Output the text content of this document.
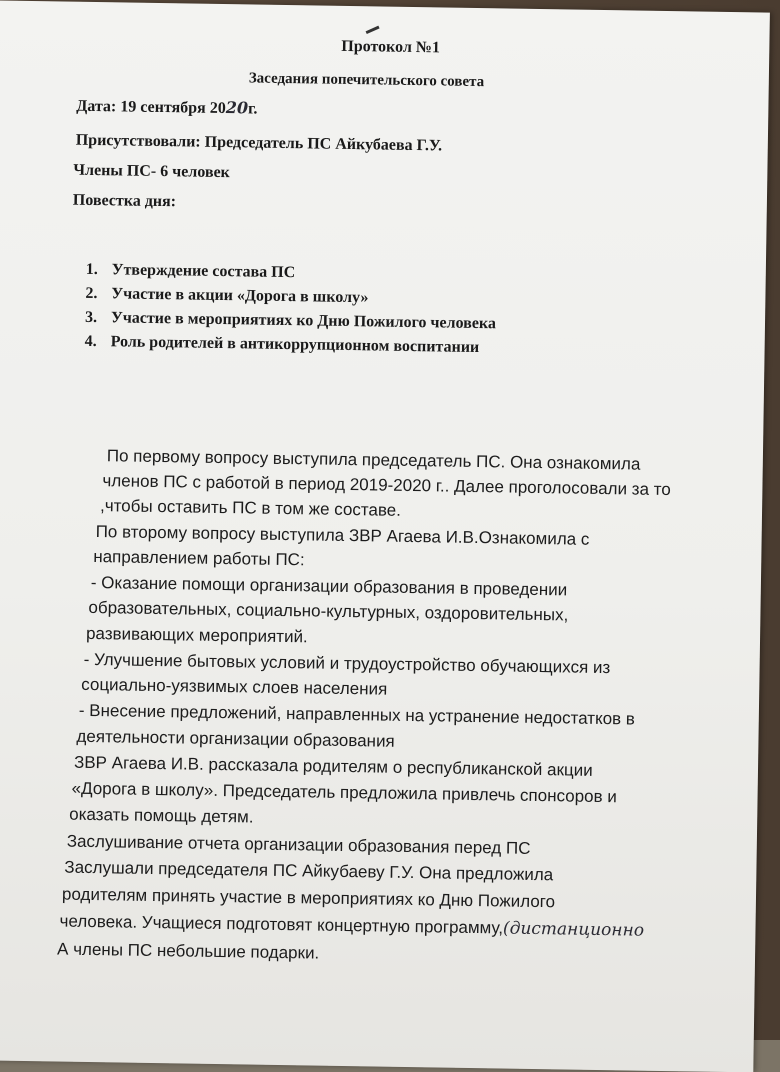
Протокол №1
Заседания попечительского совета
Дата: 19 сентября 2020г.
Присутствовали: Председатель ПС Айкубаева Г.У.
Члены ПС- 6 человек
Повестка дня:
1. Утверждение состава ПС
2. Участие в акции «Дорога в школу»
3. Участие в мероприятиях ко Дню Пожилого человека
4. Роль родителей в антикоррупционном воспитании
По первому вопросу выступила председатель ПС. Она ознакомила
членов ПС с работой в период 2019-2020 г.. Далее проголосовали за то
,чтобы оставить ПС в том же составе.
По второму вопросу выступила ЗВР Агаева И.В.Ознакомила с
направлением работы ПС:
- Оказание помощи организации образования в проведении
образовательных, социально-культурных, оздоровительных,
развивающих мероприятий.
- Улучшение бытовых условий и трудоустройство обучающихся из
социально-уязвимых слоев населения
- Внесение предложений, направленных на устранение недостатков в
деятельности организации образования
ЗВР Агаева И.В. рассказала родителям о республиканской акции
«Дорога в школу». Председатель предложила привлечь спонсоров и
оказать помощь детям.
Заслушивание отчета организации образования перед ПС
Заслушали председателя ПС Айкубаеву Г.У. Она предложила
родителям принять участие в мероприятиях ко Дню Пожилого
человека. Учащиеся подготовят концертную программу,(дистанционно
А члены ПС небольшие подарки.
